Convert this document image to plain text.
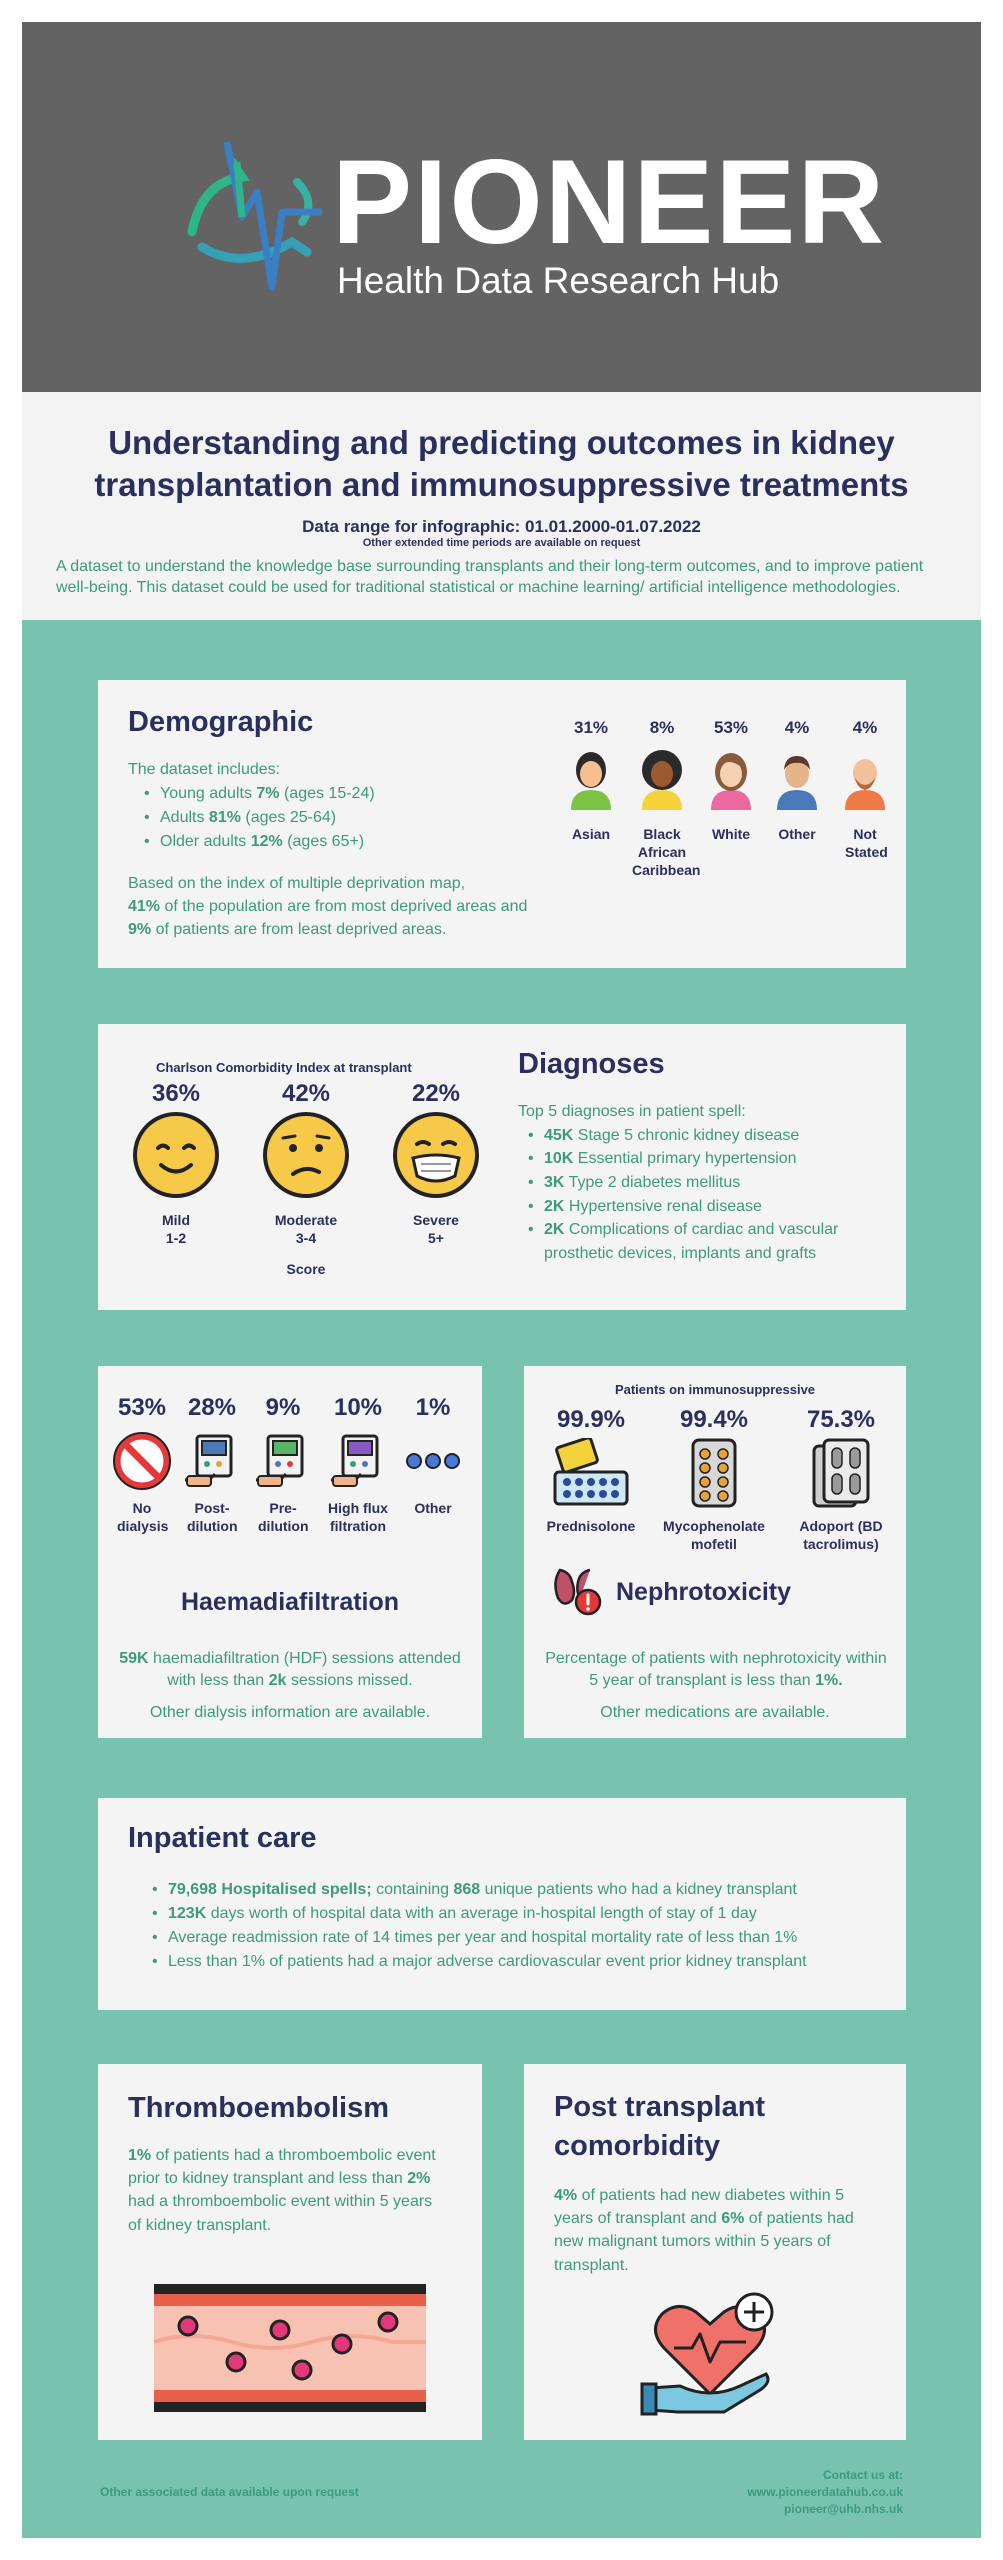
PIONEER
Health Data Research Hub
Understanding and predicting outcomes in kidney
transplantation and immunosuppressive treatments
Data range for infographic: 01.01.2000-01.07.2022
Other extended time periods are available on request
A dataset to understand the knowledge base surrounding transplants and their long-term outcomes, and to improve patient well-being. This dataset could be used for traditional statistical or machine learning/ artificial intelligence methodologies.
Demographic
The dataset includes:
• Young adults 7% (ages 15-24)
• Adults 81% (ages 25-64)
• Older adults 12% (ages 65+)
Based on the index of multiple deprivation map,
41% of the population are from most deprived areas and 9% of patients are from least deprived areas.
31%
Asian
8%
Black African Caribbean
53%
White
4%
Other
4%
Not Stated
Charlson Comorbidity Index at transplant
36%
Mild
1-2
42%
Moderate
3-4
22%
Severe
5+
Score
Diagnoses
Top 5 diagnoses in patient spell:
• 45K Stage 5 chronic kidney disease
• 10K Essential primary hypertension
• 3K Type 2 diabetes mellitus
• 2K Hypertensive renal disease
• 2K Complications of cardiac and vascular prosthetic devices, implants and grafts
53%
No dialysis
28%
Post-dilution
9%
Pre-dilution
10%
High flux filtration
1%
Other
Haemadiafiltration
59K haemadiafiltration (HDF) sessions attended with less than 2k sessions missed.
Other dialysis information are available.
Patients on immunosuppressive
99.9%
Prednisolone
99.4%
Mycophenolate mofetil
75.3%
Adoport (BD tacrolimus)
Nephrotoxicity
Percentage of patients with nephrotoxicity within 5 year of transplant is less than 1%.
Other medications are available.
Inpatient care
• 79,698 Hospitalised spells; containing 868 unique patients who had a kidney transplant
• 123K days worth of hospital data with an average in-hospital length of stay of 1 day
• Average readmission rate of 14 times per year and hospital mortality rate of less than 1%
• Less than 1% of patients had a major adverse cardiovascular event prior kidney transplant
Thromboembolism
1% of patients had a thromboembolic event prior to kidney transplant and less than 2% had a thromboembolic event within 5 years of kidney transplant.
Post transplant
comorbidity
4% of patients had new diabetes within 5 years of transplant and 6% of patients had new malignant tumors within 5 years of transplant.
Other associated data available upon request
Contact us at:
www.pioneerdatahub.co.uk
pioneer@uhb.nhs.uk
